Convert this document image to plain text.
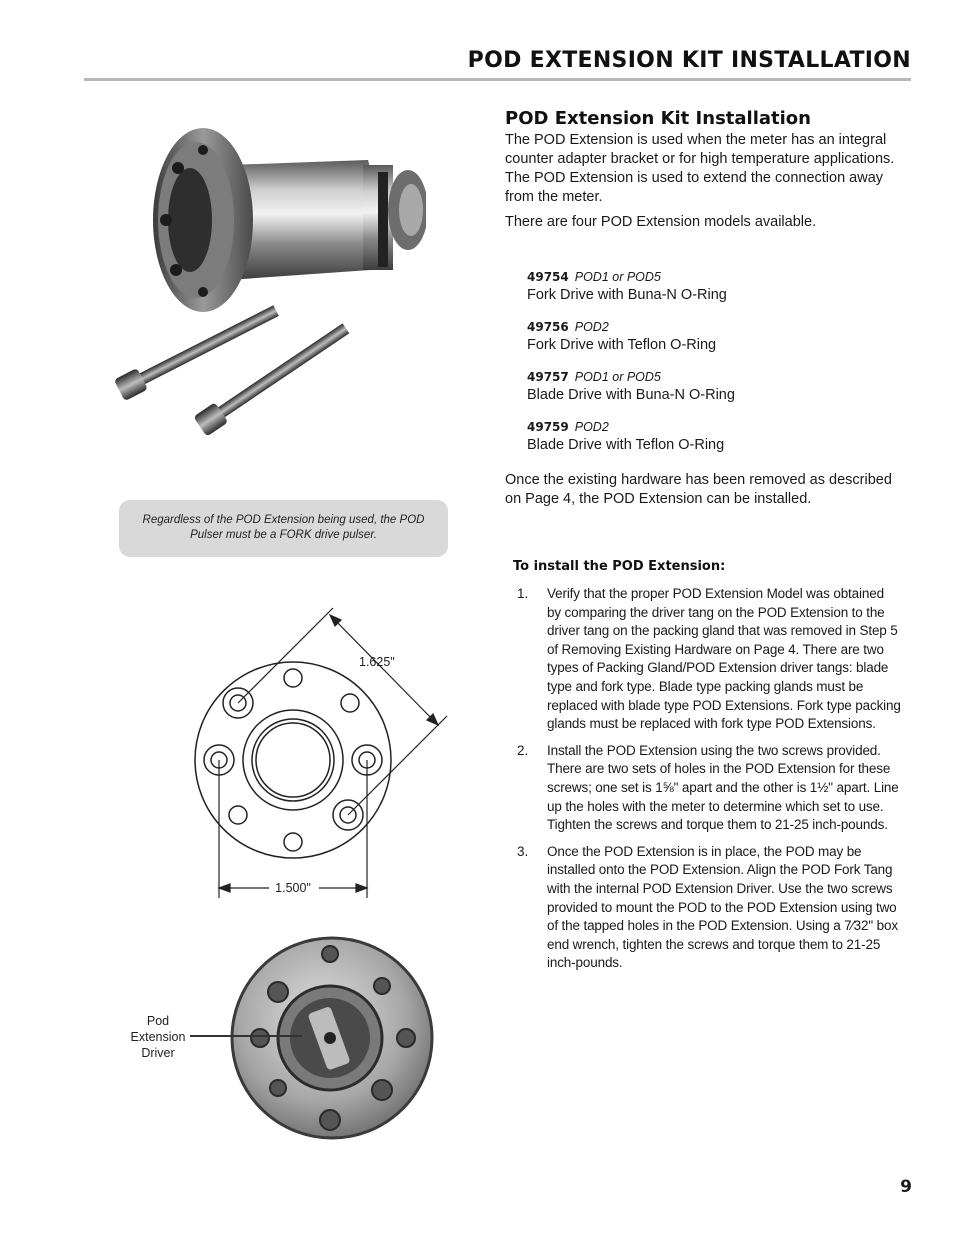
POD EXTENSION KIT INSTALLATION
Regardless of the POD Extension being used, the POD Pulser must be a FORK drive pulser.
1.625"
1.500"
Pod Extension Driver
POD Extension Kit Installation

The POD Extension is used when the meter has an integral counter adapter bracket or for high temperature applications. The POD Extension is used to extend the connection away from the meter.

There are four POD Extension models available.

49754 POD1 or POD5
Fork Drive with Buna-N O-Ring
49756 POD2
Fork Drive with Teflon O-Ring
49757 POD1 or POD5
Blade Drive with Buna-N O-Ring
49759 POD2
Blade Drive with Teflon O-Ring

Once the existing hardware has been removed as described on Page 4, the POD Extension can be installed.

To install the POD Extension:
1.	Verify that the proper POD Extension Model was obtained by comparing the driver tang on the POD Extension to the driver tang on the packing gland that was removed in Step 5 of Removing Existing Hardware on Page 4. There are two types of Packing Gland/POD Extension driver tangs: blade type and fork type. Blade type packing glands must be replaced with blade type POD Extensions. Fork type packing glands must be replaced with fork type POD Extensions.
2.	Install the POD Extension using the two screws provided. There are two sets of holes in the POD Extension for these screws; one set is 1⅝" apart and the other is 1½" apart. Line up the holes with the meter to determine which set to use. Tighten the screws and torque them to 21-25 inch-pounds.
3.	Once the POD Extension is in place, the POD may be installed onto the POD Extension. Align the POD Fork Tang with the internal POD Extension Driver. Use the two screws provided to mount the POD to the POD Extension using two of the tapped holes in the POD Extension. Using a 7⁄32" box end wrench, tighten the screws and torque them to 21-25 inch-pounds.
9
